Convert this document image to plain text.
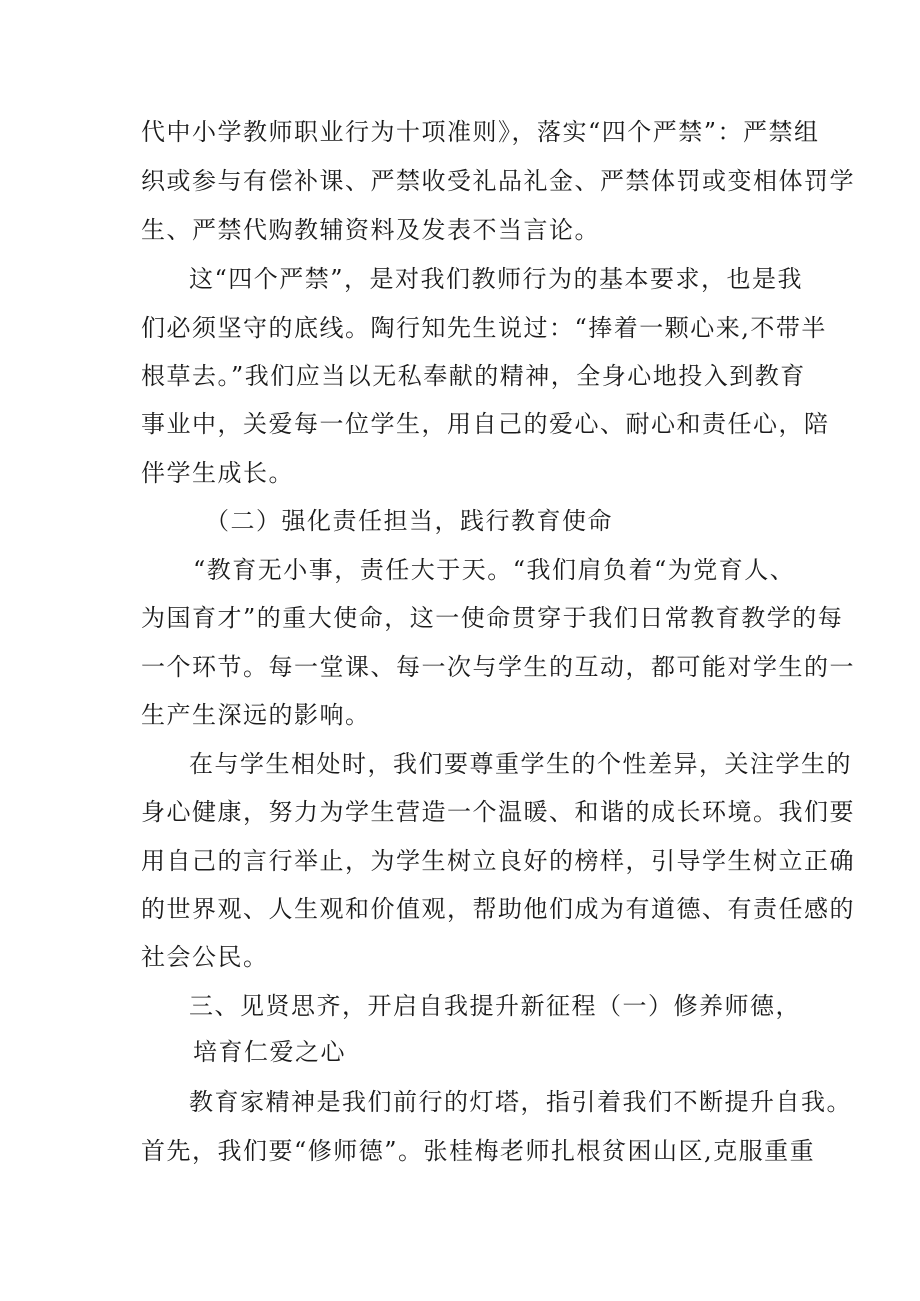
代中小学教师职业行为十项准则》，落实“四个严禁”：严禁组
织或参与有偿补课、严禁收受礼品礼金、严禁体罚或变相体罚学
生、严禁代购教辅资料及发表不当言论。
这“四个严禁”，是对我们教师行为的基本要求，也是我
们必须坚守的底线。陶行知先生说过：“捧着一颗心来,不带半
根草去。”我们应当以无私奉献的精神，全身心地投入到教育
事业中，关爱每一位学生，用自己的爱心、耐心和责任心，陪
伴学生成长。
（二）强化责任担当，践行教育使命
“教育无小事，责任大于天。“我们肩负着“为党育人、
为国育才”的重大使命，这一使命贯穿于我们日常教育教学的每
一个环节。每一堂课、每一次与学生的互动，都可能对学生的一
生产生深远的影响。
在与学生相处时，我们要尊重学生的个性差异，关注学生的
身心健康，努力为学生营造一个温暖、和谐的成长环境。我们要
用自己的言行举止，为学生树立良好的榜样，引导学生树立正确
的世界观、人生观和价值观，帮助他们成为有道德、有责任感的
社会公民。
三、见贤思齐，开启自我提升新征程（一）修养师德，
培育仁爱之心
教育家精神是我们前行的灯塔，指引着我们不断提升自我。
首先，我们要“修师德”。张桂梅老师扎根贫困山区,克服重重
